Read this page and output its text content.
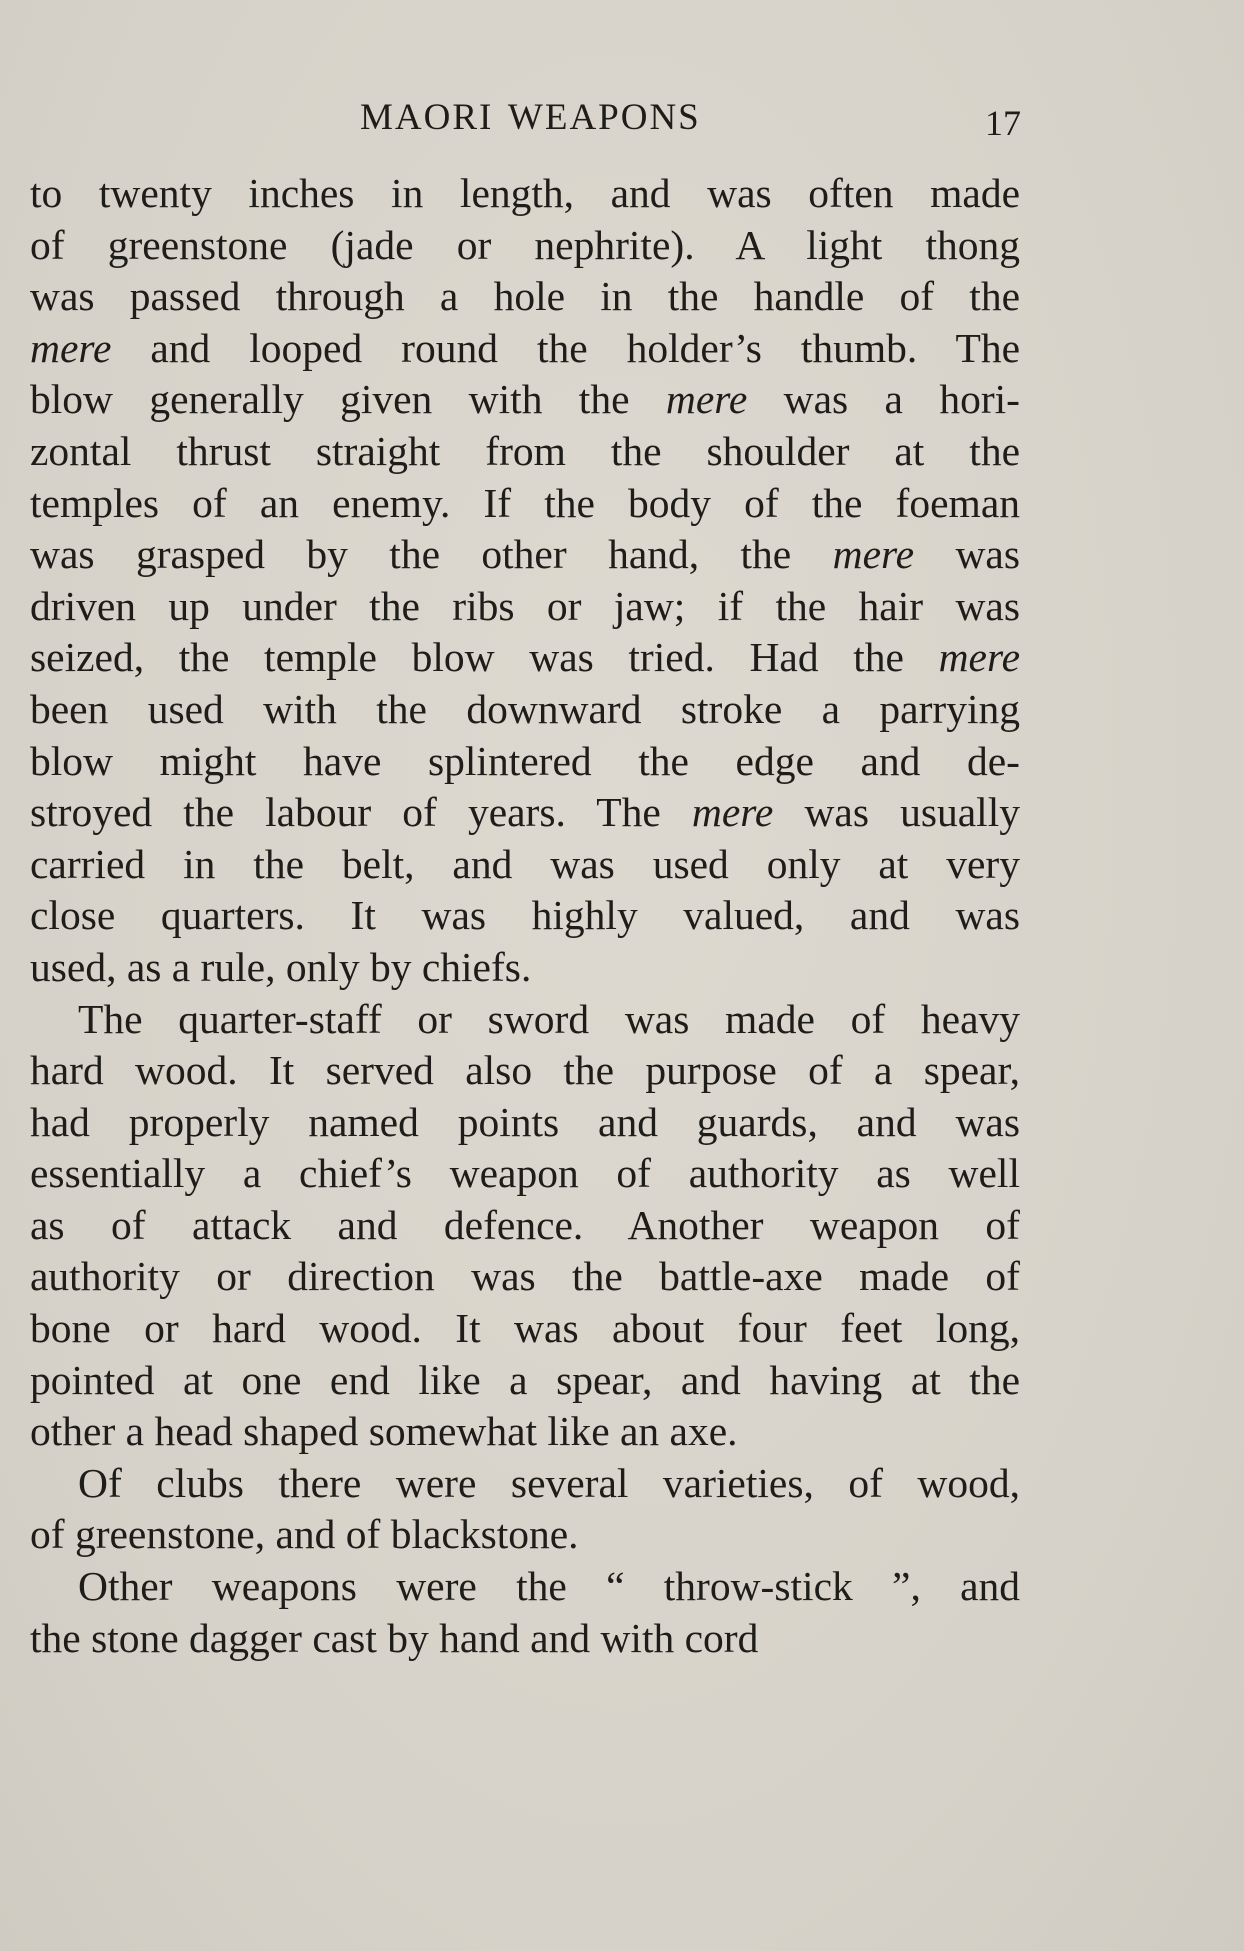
MAORI WEAPONS	17
to twenty inches in length, and was often made
of greenstone (jade or nephrite). A light thong
was passed through a hole in the handle of the
mere and looped round the holder’s thumb. The
blow generally given with the mere was a hori-
zontal thrust straight from the shoulder at the
temples of an enemy. If the body of the foeman
was grasped by the other hand, the mere was
driven up under the ribs or jaw; if the hair was
seized, the temple blow was tried. Had the mere
been used with the downward stroke a parrying
blow might have splintered the edge and de-
stroyed the labour of years. The mere was usually
carried in the belt, and was used only at very
close quarters. It was highly valued, and was
used, as a rule, only by chiefs.
The quarter-staff or sword was made of heavy
hard wood. It served also the purpose of a spear,
had properly named points and guards, and was
essentially a chief’s weapon of authority as well
as of attack and defence. Another weapon of
authority or direction was the battle-axe made of
bone or hard wood. It was about four feet long,
pointed at one end like a spear, and having at the
other a head shaped somewhat like an axe.
Of clubs there were several varieties, of wood,
of greenstone, and of blackstone.
Other weapons were the “ throw-stick ”, and
the stone dagger cast by hand and with cord
